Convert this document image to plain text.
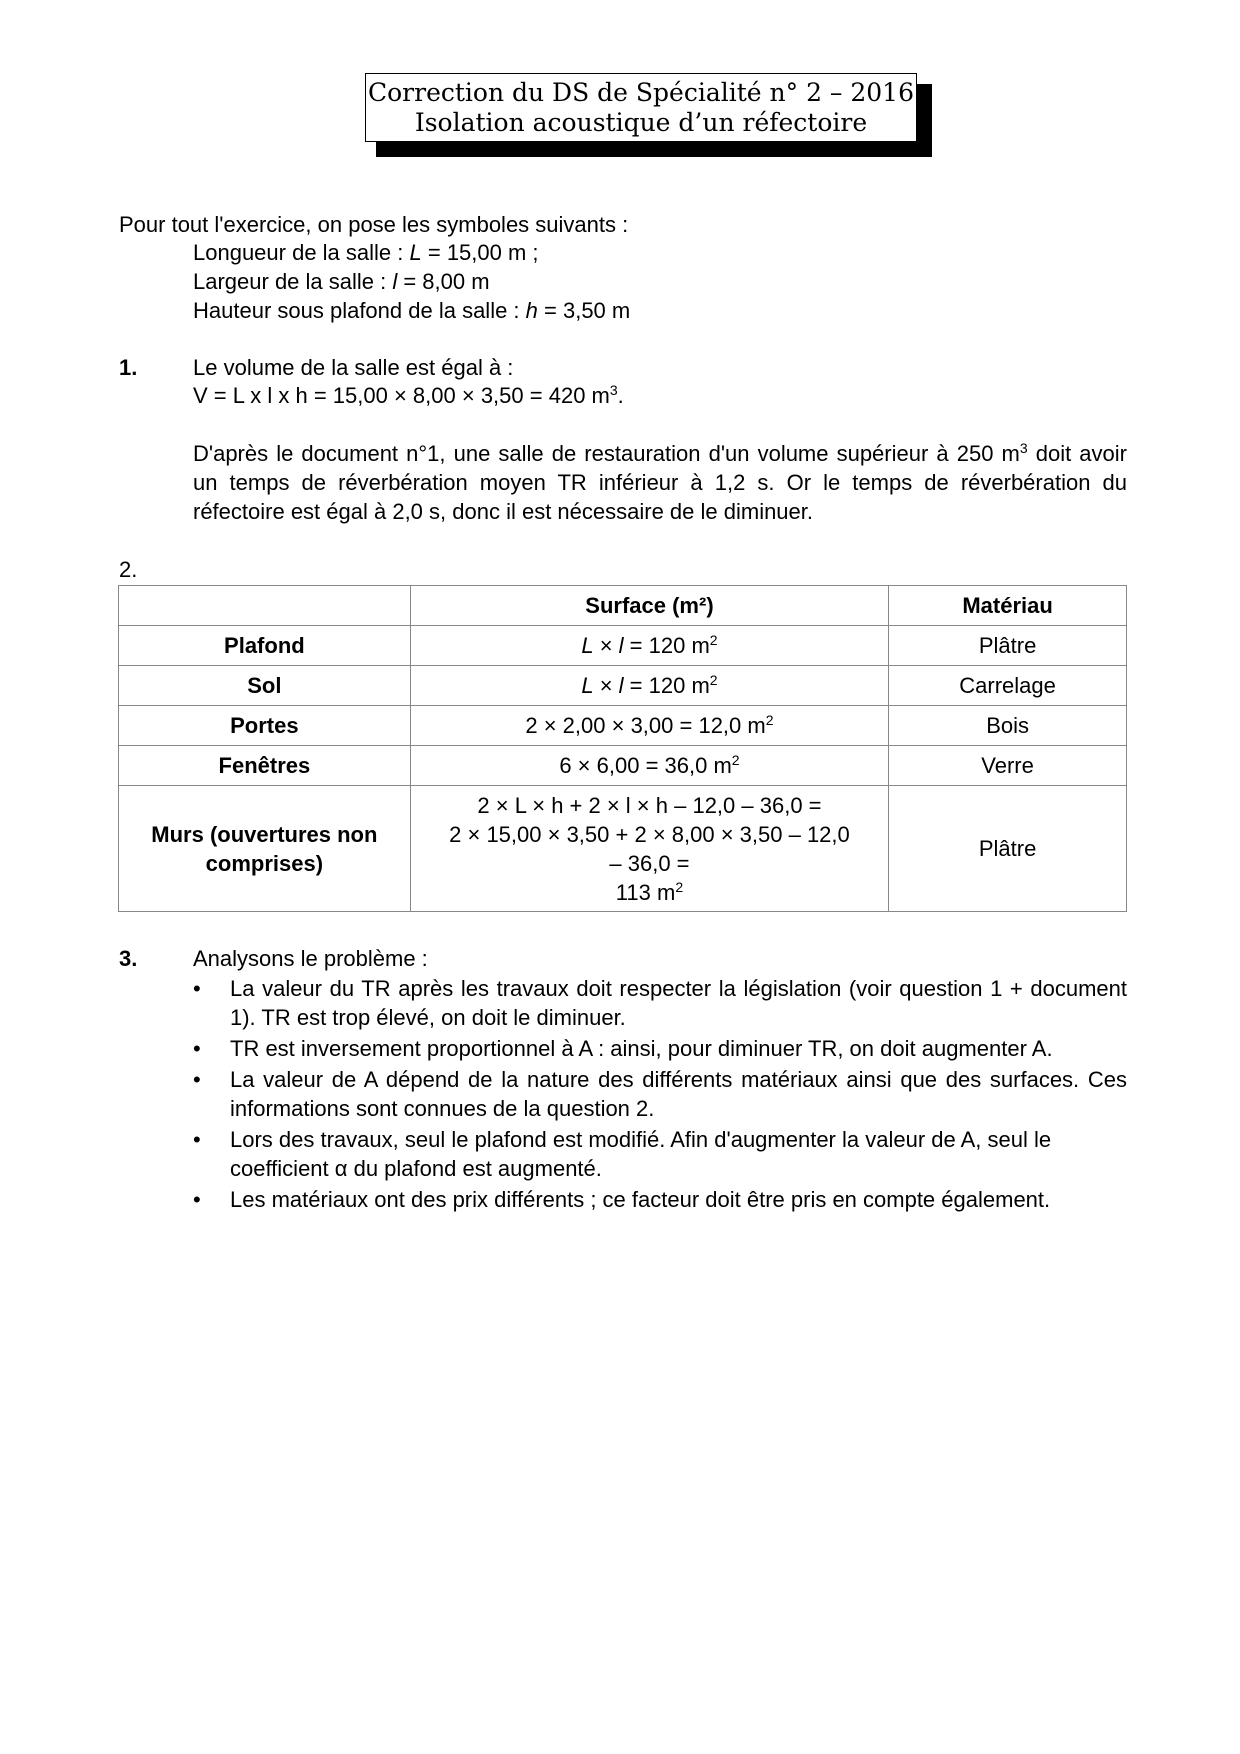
Correction du DS de Spécialité n° 2 – 2016
Isolation acoustique d’un réfectoire
Pour tout l'exercice, on pose les symboles suivants :
Longueur de la salle : L = 15,00 m ;
Largeur de la salle : l = 8,00 m
Hauteur sous plafond de la salle : h = 3,50 m
1.	Le volume de la salle est égal à :
V = L x l x h = 15,00 × 8,00 × 3,50 = 420 $m^3$.
D'après le document n°1, une salle de restauration d'un volume supérieur à 250 $m^3$ doit avoir un temps de réverbération moyen TR inférieur à 1,2 s. Or le temps de réverbération du réfectoire est égal à 2,0 s, donc il est nécessaire de le diminuer.
2.
	Surface (m²)	Matériau
Plafond	L × l = 120 $m^2$	Plâtre
Sol	L × l = 120 $m^2$	Carrelage
Portes	2 × 2,00 × 3,00 = 12,0 $m^2$	Bois
Fenêtres	6 × 6,00 = 36,0 $m^2$	Verre
Murs (ouvertures non comprises)	2 × L × h + 2 × l × h – 12,0 – 36,0 =
2 × 15,00 × 3,50 + 2 × 8,00 × 3,50 – 12,0
– 36,0 =
113 $m^2$	Plâtre
3.	Analysons le problème :
• La valeur du TR après les travaux doit respecter la législation (voir question 1 + document 1). TR est trop élevé, on doit le diminuer.
• TR est inversement proportionnel à A : ainsi, pour diminuer TR, on doit augmenter A.
• La valeur de A dépend de la nature des différents matériaux ainsi que des surfaces. Ces informations sont connues de la question 2.
• Lors des travaux, seul le plafond est modifié. Afin d'augmenter la valeur de A, seul le coefficient α du plafond est augmenté.
• Les matériaux ont des prix différents ; ce facteur doit être pris en compte également.
